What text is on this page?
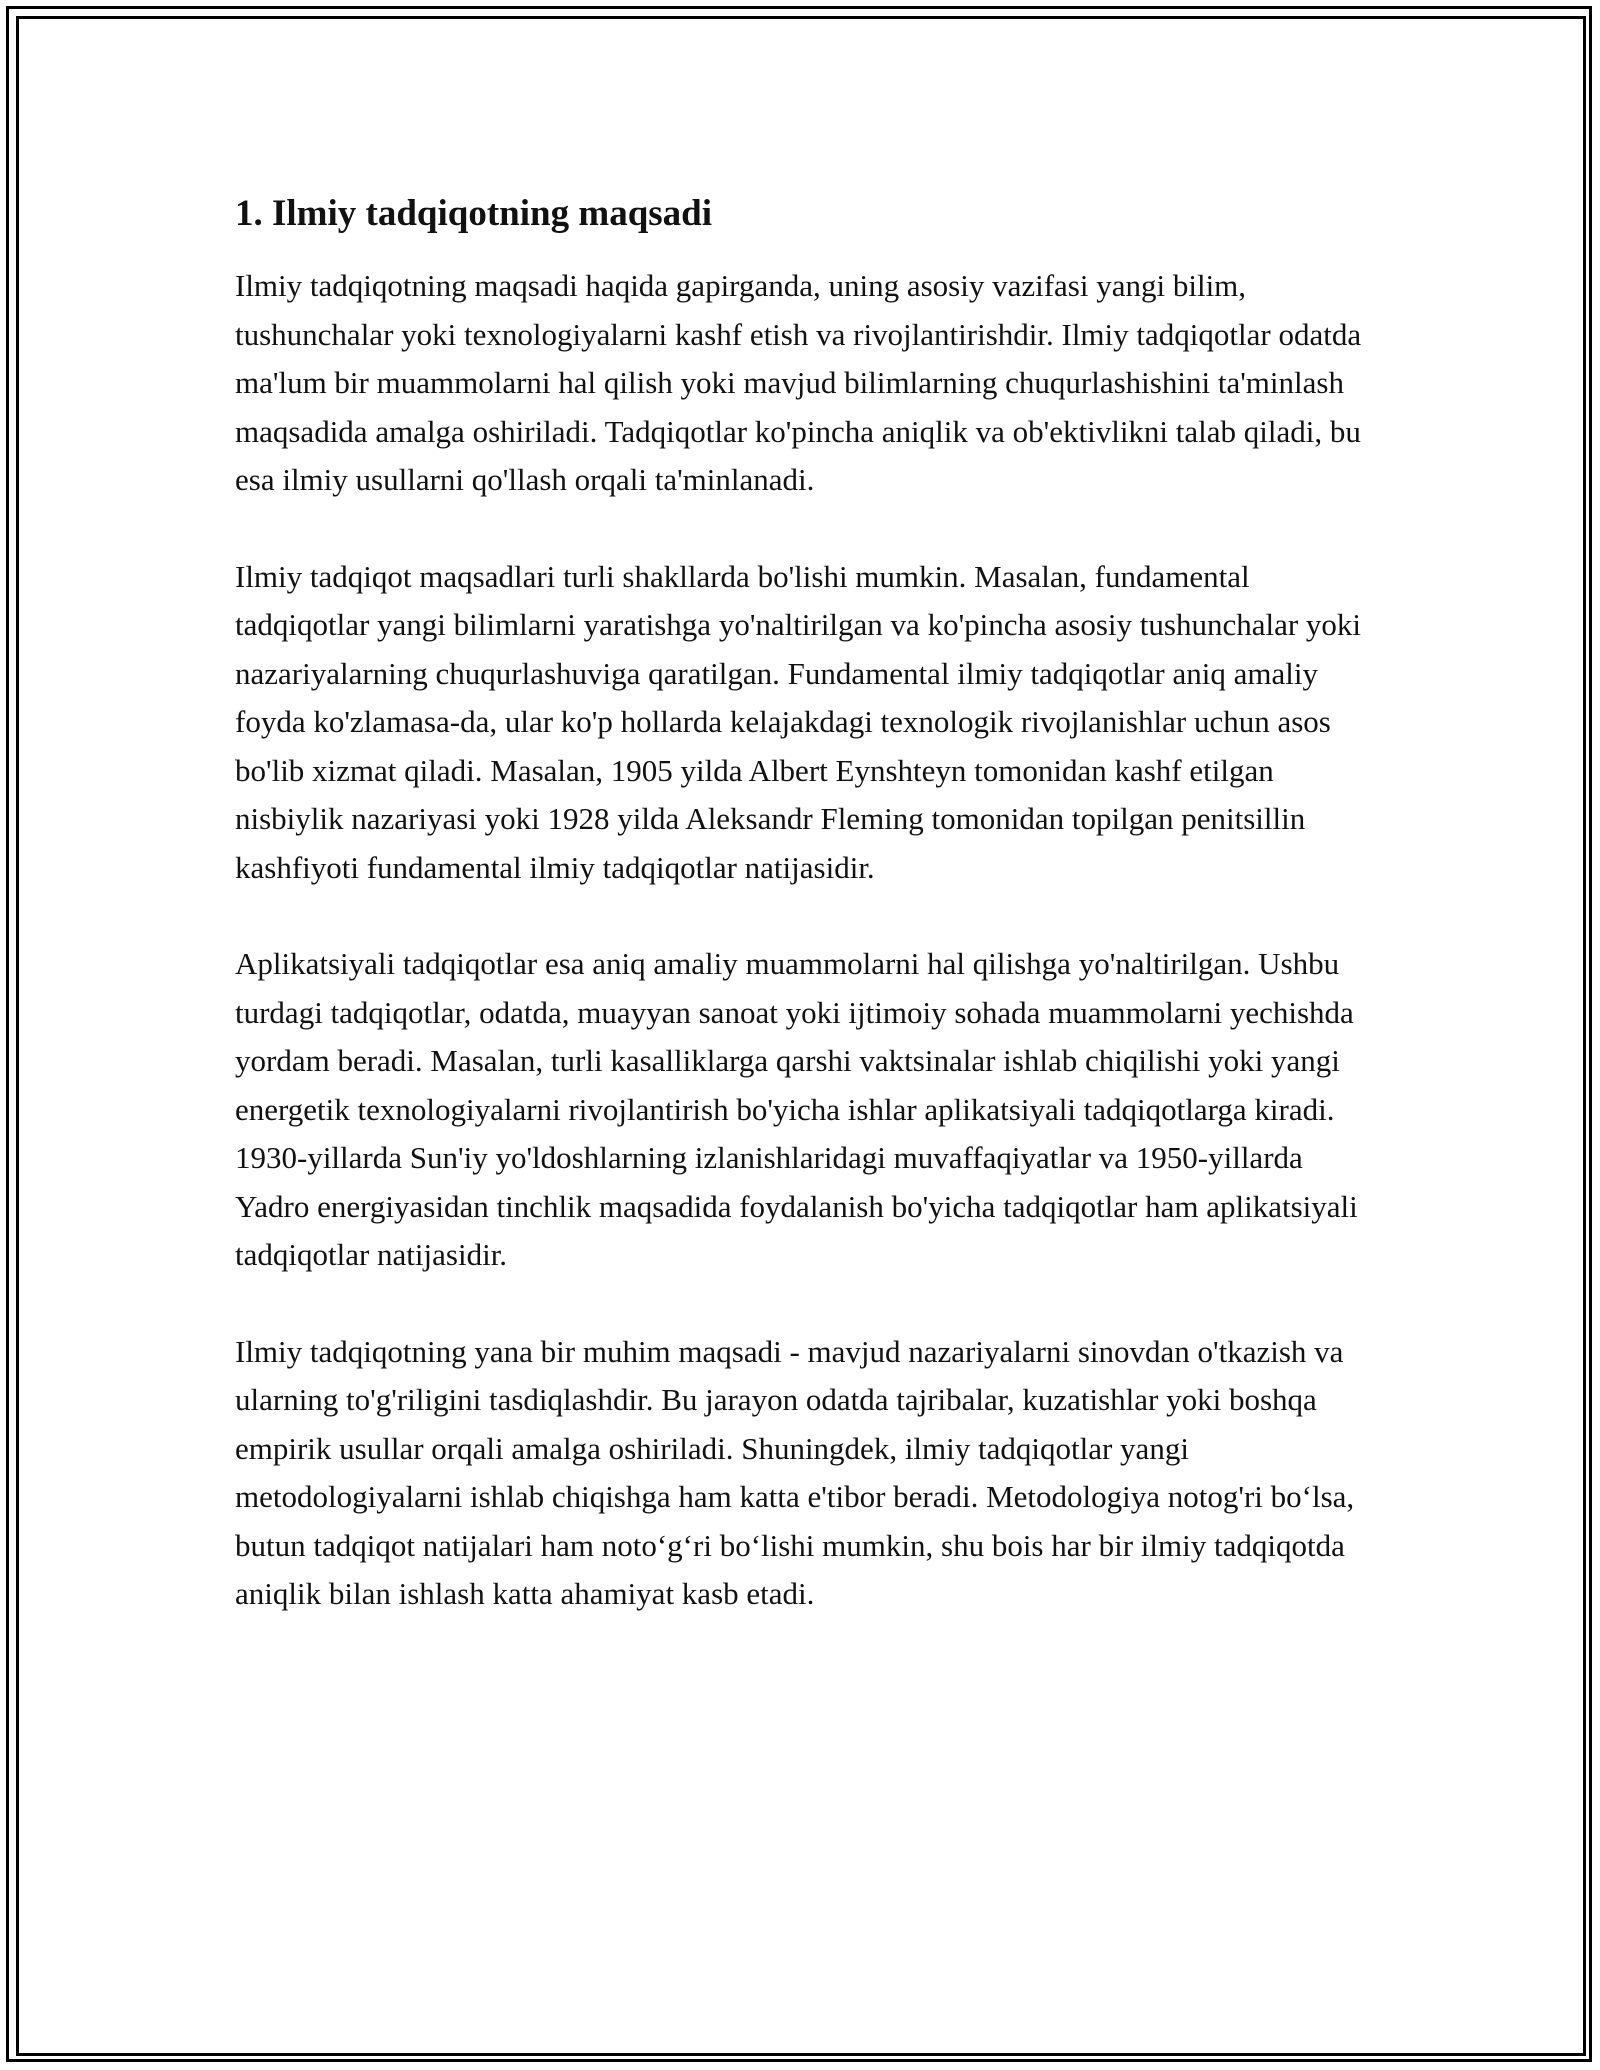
1. Ilmiy tadqiqotning maqsadi

Ilmiy tadqiqotning maqsadi haqida gapirganda, uning asosiy vazifasi yangi bilim, tushunchalar yoki texnologiyalarni kashf etish va rivojlantirishdir. Ilmiy tadqiqotlar odatda ma'lum bir muammolarni hal qilish yoki mavjud bilimlarning chuqurlashishini ta'minlash maqsadida amalga oshiriladi. Tadqiqotlar ko'pincha aniqlik va ob'ektivlikni talab qiladi, bu esa ilmiy usullarni qo'llash orqali ta'minlanadi.

Ilmiy tadqiqot maqsadlari turli shakllarda bo'lishi mumkin. Masalan, fundamental tadqiqotlar yangi bilimlarni yaratishga yo'naltirilgan va ko'pincha asosiy tushunchalar yoki nazariyalarning chuqurlashuviga qaratilgan. Fundamental ilmiy tadqiqotlar aniq amaliy foyda ko'zlamasa-da, ular ko'p hollarda kelajakdagi texnologik rivojlanishlar uchun asos bo'lib xizmat qiladi. Masalan, 1905 yilda Albert Eynshteyn tomonidan kashf etilgan nisbiylik nazariyasi yoki 1928 yilda Aleksandr Fleming tomonidan topilgan penitsillin kashfiyoti fundamental ilmiy tadqiqotlar natijasidir.

Aplikatsiyali tadqiqotlar esa aniq amaliy muammolarni hal qilishga yo'naltirilgan. Ushbu turdagi tadqiqotlar, odatda, muayyan sanoat yoki ijtimoiy sohada muammolarni yechishda yordam beradi. Masalan, turli kasalliklarga qarshi vaktsinalar ishlab chiqilishi yoki yangi energetik texnologiyalarni rivojlantirish bo'yicha ishlar aplikatsiyali tadqiqotlarga kiradi. 1930-yillarda Sun'iy yo'ldoshlarning izlanishlaridagi muvaffaqiyatlar va 1950-yillarda Yadro energiyasidan tinchlik maqsadida foydalanish bo'yicha tadqiqotlar ham aplikatsiyali tadqiqotlar natijasidir.

Ilmiy tadqiqotning yana bir muhim maqsadi - mavjud nazariyalarni sinovdan o'tkazish va ularning to'g'riligini tasdiqlashdir. Bu jarayon odatda tajribalar, kuzatishlar yoki boshqa empirik usullar orqali amalga oshiriladi. Shuningdek, ilmiy tadqiqotlar yangi metodologiyalarni ishlab chiqishga ham katta e'tibor beradi. Metodologiya notog'ri bo‘lsa, butun tadqiqot natijalari ham noto‘g‘ri bo‘lishi mumkin, shu bois har bir ilmiy tadqiqotda aniqlik bilan ishlash katta ahamiyat kasb etadi.
